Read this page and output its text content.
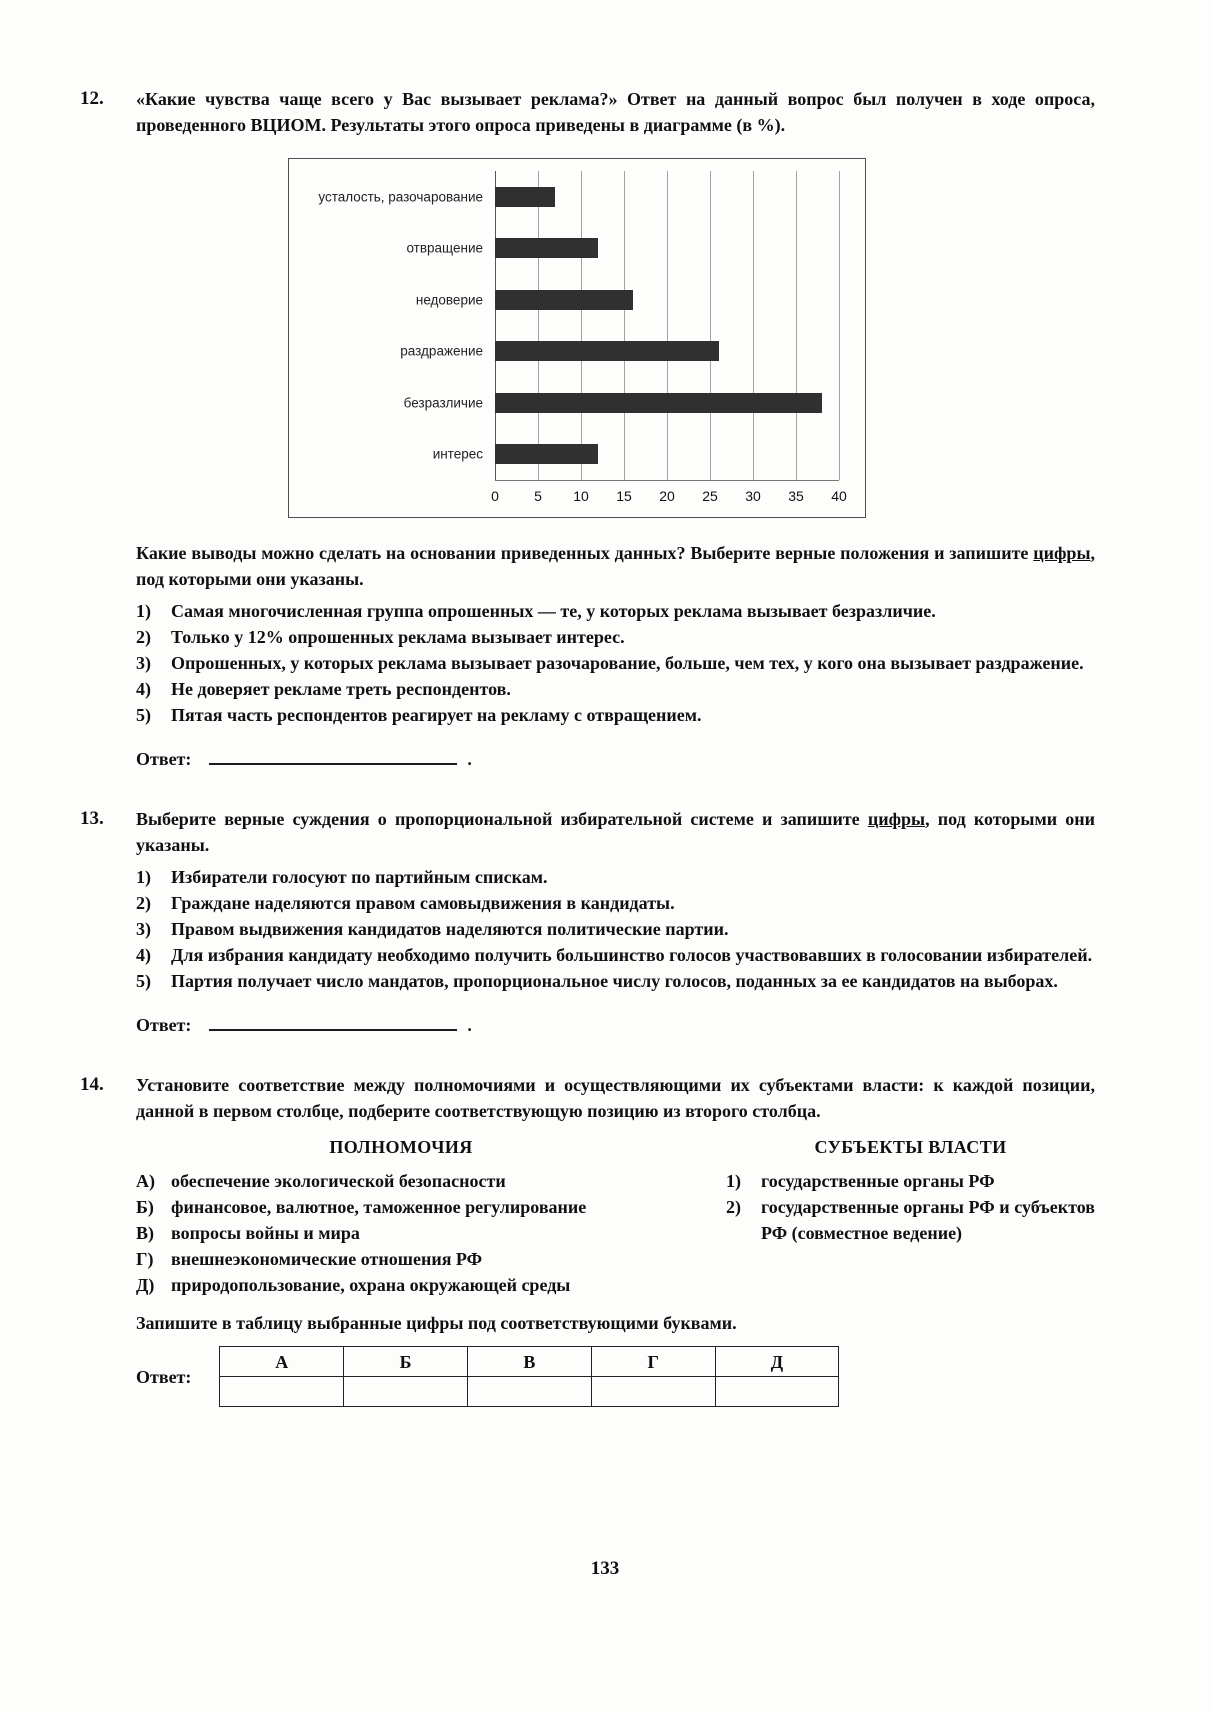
12.	«Какие чувства чаще всего у Вас вызывает реклама?» Ответ на данный вопрос был получен в ходе опроса, проведенного ВЦИОМ. Результаты этого опроса приведены в диаграмме (в %).

усталость, разочарование
отвращение
недоверие
раздражение
безразличие
интерес
0	5 10 15 20 25 30 35 40

Какие выводы можно сделать на основании приведенных данных? Выберите верные положения и запишите цифры, под которыми они указаны.

1)	Самая многочисленная группа опрошенных — те, у которых реклама вызывает безразличие.
2)	Только у 12% опрошенных реклама вызывает интерес.
3)	Опрошенных, у которых реклама вызывает разочарование, больше, чем тех, у кого она вызывает раздражение.
4)	Не доверяет рекламе треть респондентов.
5)	Пятая часть респондентов реагирует на рекламу с отвращением.
Ответ:	.
13.	Выберите верные суждения о пропорциональной избирательной системе и запишите цифры, под которыми они указаны.

1)	Избиратели голосуют по партийным спискам.
2)	Граждане наделяются правом самовыдвижения в кандидаты.
3)	Правом выдвижения кандидатов наделяются политические партии.
4)	Для избрания кандидату необходимо получить большинство голосов участвовавших в голосовании избирателей.
5)	Партия получает число мандатов, пропорциональное числу голосов, поданных за ее кандидатов на выборах.
Ответ:	.
14.	Установите соответствие между полномочиями и осуществляющими их субъектами власти: к каждой позиции, данной в первом столбце, подберите соответствующую позицию из второго столбца.

ПОЛНОМОЧИЯ
А) обеспечение экологической безопасности
Б) финансовое, валютное, таможенное регулирование
В) вопросы войны и мира
Г) внешнеэкономические отношения РФ
Д) природопользование, охрана окружающей среды
СУБЪЕКТЫ ВЛАСТИ
1)	государственные органы РФ
2)	государственные органы РФ и субъектов РФ (совместное ведение)

Запишите в таблицу выбранные цифры под соответствующими буквами.

Ответ:
А	Б	В	Г	Д

133
